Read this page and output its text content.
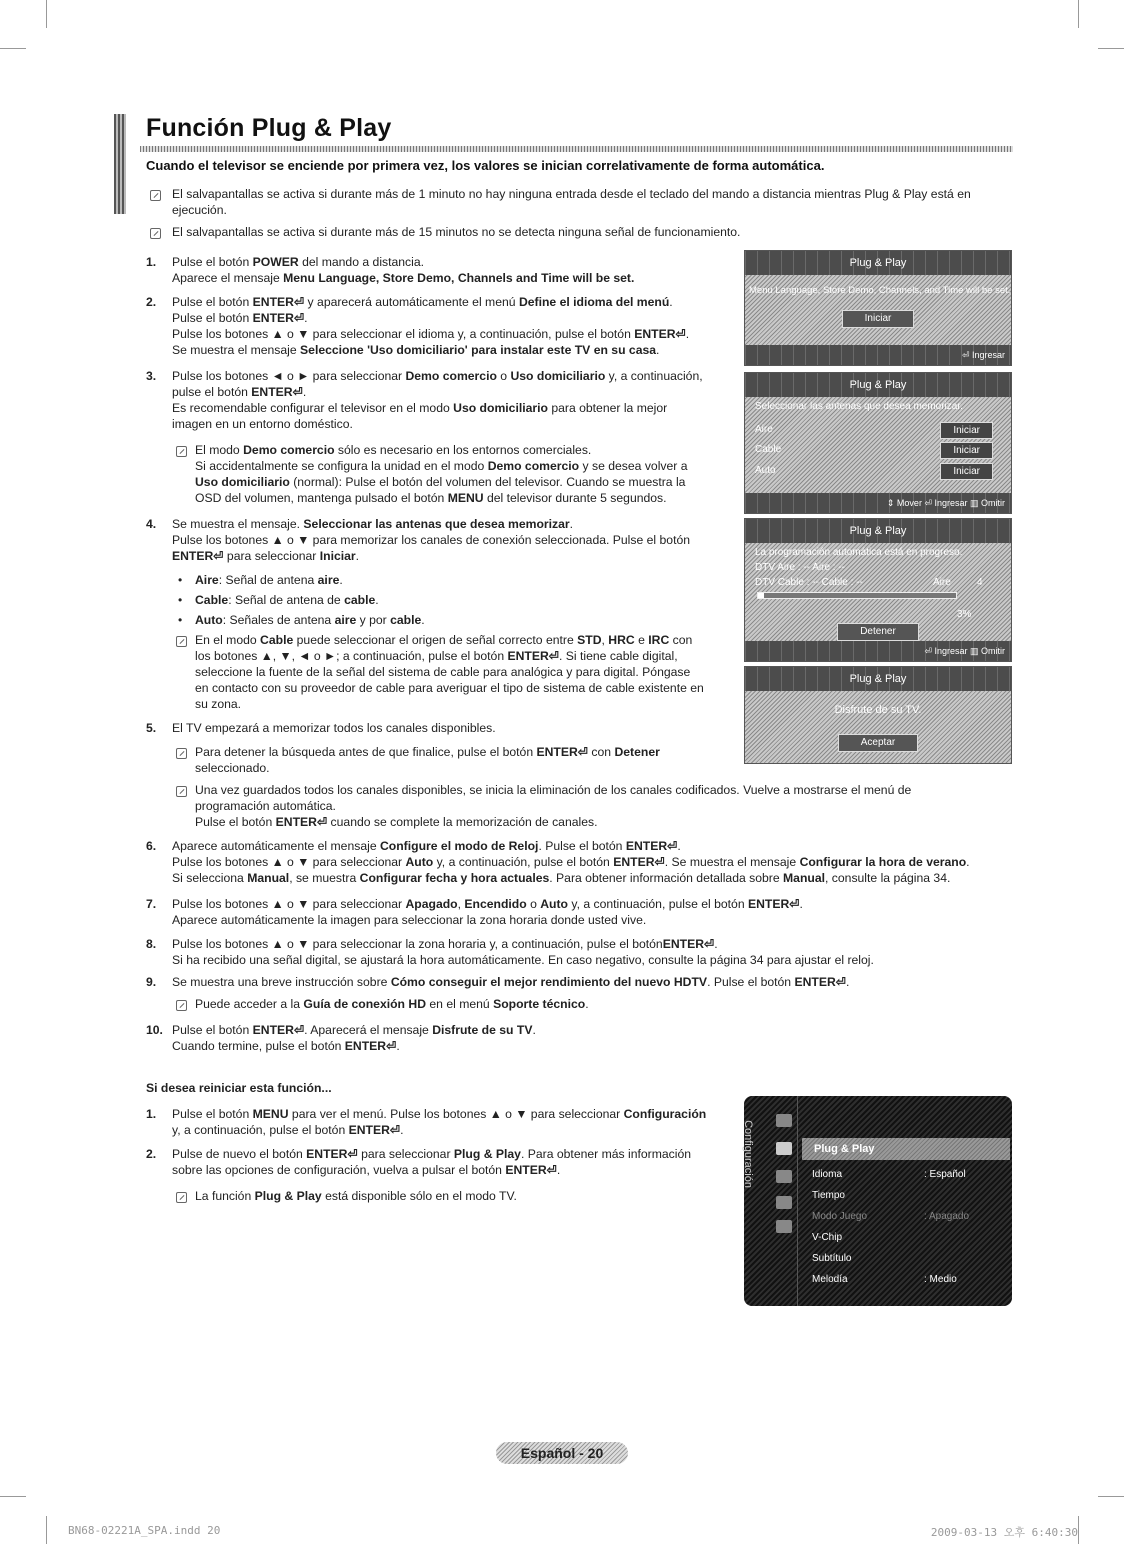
Función Plug & Play
Cuando el televisor se enciende por primera vez, los valores se inician correlativamente de forma automática.
El salvapantallas se activa si durante más de 1 minuto no hay ninguna entrada desde el teclado del mando a distancia mientras Plug & Play está en
ejecución.
El salvapantallas se activa si durante más de 15 minutos no se detecta ninguna señal de funcionamiento.
1. Pulse el botón POWER del mando a distancia.
Aparece el mensaje Menu Language, Store Demo, Channels and Time will be set.
2. Pulse el botón ENTER⏎ y aparecerá automáticamente el menú Define el idioma del menú.
Pulse el botón ENTER⏎.
Pulse los botones ▲ o ▼ para seleccionar el idioma y, a continuación, pulse el botón ENTER⏎.
Se muestra el mensaje Seleccione 'Uso domiciliario' para instalar este TV en su casa.
3. Pulse los botones ◄ o ► para seleccionar Demo comercio o Uso domiciliario y, a continuación,
pulse el botón ENTER⏎.
Es recomendable configurar el televisor en el modo Uso domiciliario para obtener la mejor
imagen en un entorno doméstico.
El modo Demo comercio sólo es necesario en los entornos comerciales.
Si accidentalmente se configura la unidad en el modo Demo comercio y se desea volver a
Uso domiciliario (normal): Pulse el botón del volumen del televisor. Cuando se muestra la
OSD del volumen, mantenga pulsado el botón MENU del televisor durante 5 segundos.
4. Se muestra el mensaje. Seleccionar las antenas que desea memorizar.
Pulse los botones ▲ o ▼ para memorizar los canales de conexión seleccionada. Pulse el botón
ENTER⏎ para seleccionar Iniciar.
• Aire: Señal de antena aire.
• Cable: Señal de antena de cable.
• Auto: Señales de antena aire y por cable.
En el modo Cable puede seleccionar el origen de señal correcto entre STD, HRC e IRC con
los botones ▲, ▼, ◄ o ►; a continuación, pulse el botón ENTER⏎. Si tiene cable digital,
seleccione la fuente de la señal del sistema de cable para analógica y para digital. Póngase
en contacto con su proveedor de cable para averiguar el tipo de sistema de cable existente en
su zona.
5. El TV empezará a memorizar todos los canales disponibles.
Para detener la búsqueda antes de que finalice, pulse el botón ENTER⏎ con Detener
seleccionado.
Una vez guardados todos los canales disponibles, se inicia la eliminación de los canales codificados. Vuelve a mostrarse el menú de
programación automática.
Pulse el botón ENTER⏎ cuando se complete la memorización de canales.
6. Aparece automáticamente el mensaje Configure el modo de Reloj. Pulse el botón ENTER⏎.
Pulse los botones ▲ o ▼ para seleccionar Auto y, a continuación, pulse el botón ENTER⏎. Se muestra el mensaje Configurar la hora de verano.
Si selecciona Manual, se muestra Configurar fecha y hora actuales. Para obtener información detallada sobre Manual, consulte la página 34.
7. Pulse los botones ▲ o ▼ para seleccionar Apagado, Encendido o Auto y, a continuación, pulse el botón ENTER⏎.
Aparece automáticamente la imagen para seleccionar la zona horaria donde usted vive.
8. Pulse los botones ▲ o ▼ para seleccionar la zona horaria y, a continuación, pulse el botónENTER⏎.
Si ha recibido una señal digital, se ajustará la hora automáticamente. En caso negativo, consulte la página 34 para ajustar el reloj.
9. Se muestra una breve instrucción sobre Cómo conseguir el mejor rendimiento del nuevo HDTV. Pulse el botón ENTER⏎.
Puede acceder a la Guía de conexión HD en el menú Soporte técnico.
10. Pulse el botón ENTER⏎. Aparecerá el mensaje Disfrute de su TV.
Cuando termine, pulse el botón ENTER⏎.
Si desea reiniciar esta función...
1. Pulse el botón MENU para ver el menú. Pulse los botones ▲ o ▼ para seleccionar Configuración
y, a continuación, pulse el botón ENTER⏎.
2. Pulse de nuevo el botón ENTER⏎ para seleccionar Plug & Play. Para obtener más información
sobre las opciones de configuración, vuelva a pulsar el botón ENTER⏎.
La función Plug & Play está disponible sólo en el modo TV.
Plug & Play
Menu Language, Store Demo, Channels, and Time will be set.
Iniciar
⏎ Ingresar
Plug & Play
Seleccionar las antenas que desea memorizar.
Aire	Iniciar
Cable	Iniciar
Auto	Iniciar
⇕ Mover ⏎ Ingresar ▥ Omitir
Plug & Play
La programación automática está en progreso.
DTV Aire : -- Aire : --
DTV Cable : -- Cable : --	Aire	4
3%
Detener
⏎ Ingresar ▥ Omitir
Plug & Play
Disfrute de su TV.
Aceptar
Configuración	Plug & Play
Idioma	: Español
Tiempo
Modo Juego	: Apagado
V-Chip
Subtítulo
Melodía	: Medio
Español - 20
BN68-02221A_SPA.indd 20	2009-03-13 오후 6:40:30
